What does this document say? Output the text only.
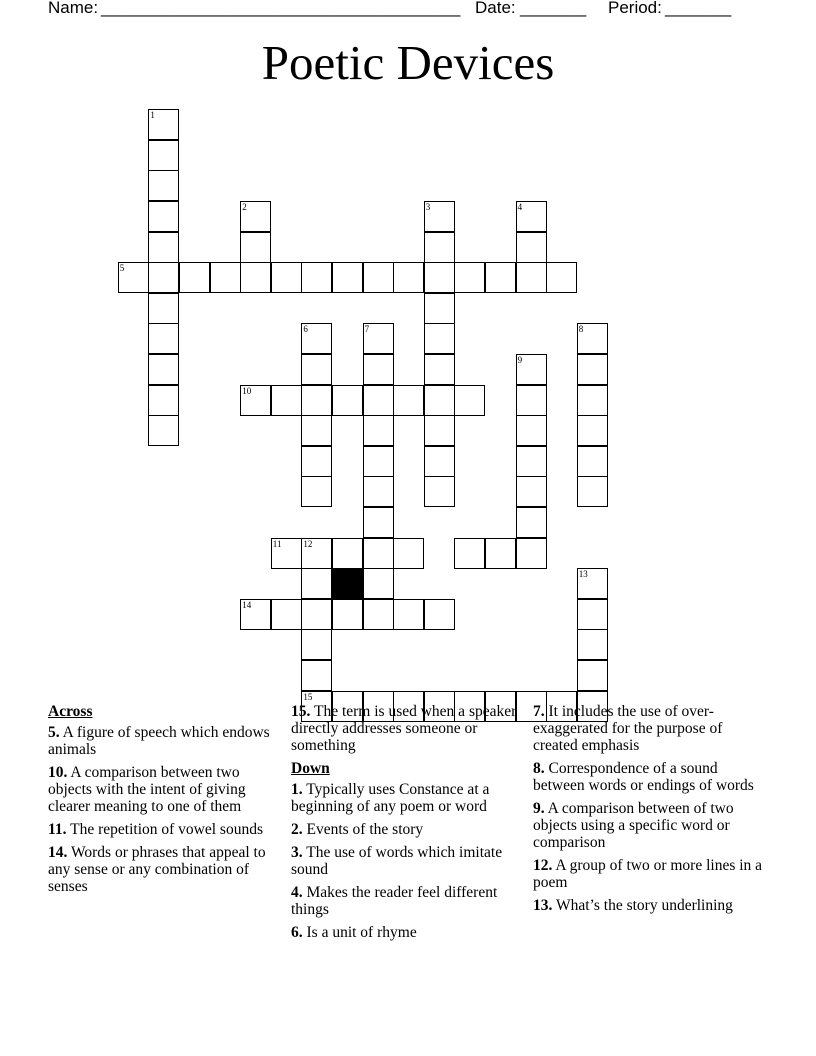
Name: ______________________________________ Date: _______ Period: _______
Poetic Devices
1
2	3	4
5
6	7	8
9
10
11 12
15
13
14
Across
5. A figure of speech which endows animals
10. A comparison between two objects with the intent of giving clearer meaning to one of them
11. The repetition of vowel sounds
14. Words or phrases that appeal to any sense or any combination of senses
15. The term is used when a speaker directly addresses someone or something
Down
1. Typically uses Constance at a beginning of any poem or word
2. Events of the story
3. The use of words which imitate sound
4. Makes the reader feel different things
6. Is a unit of rhyme
7. It includes the use of over-exaggerated for the purpose of created emphasis
8. Correspondence of a sound between words or endings of words
9. A comparison between of two objects using a specific word or comparison
12. A group of two or more lines in a poem
13. What’s the story underlining
